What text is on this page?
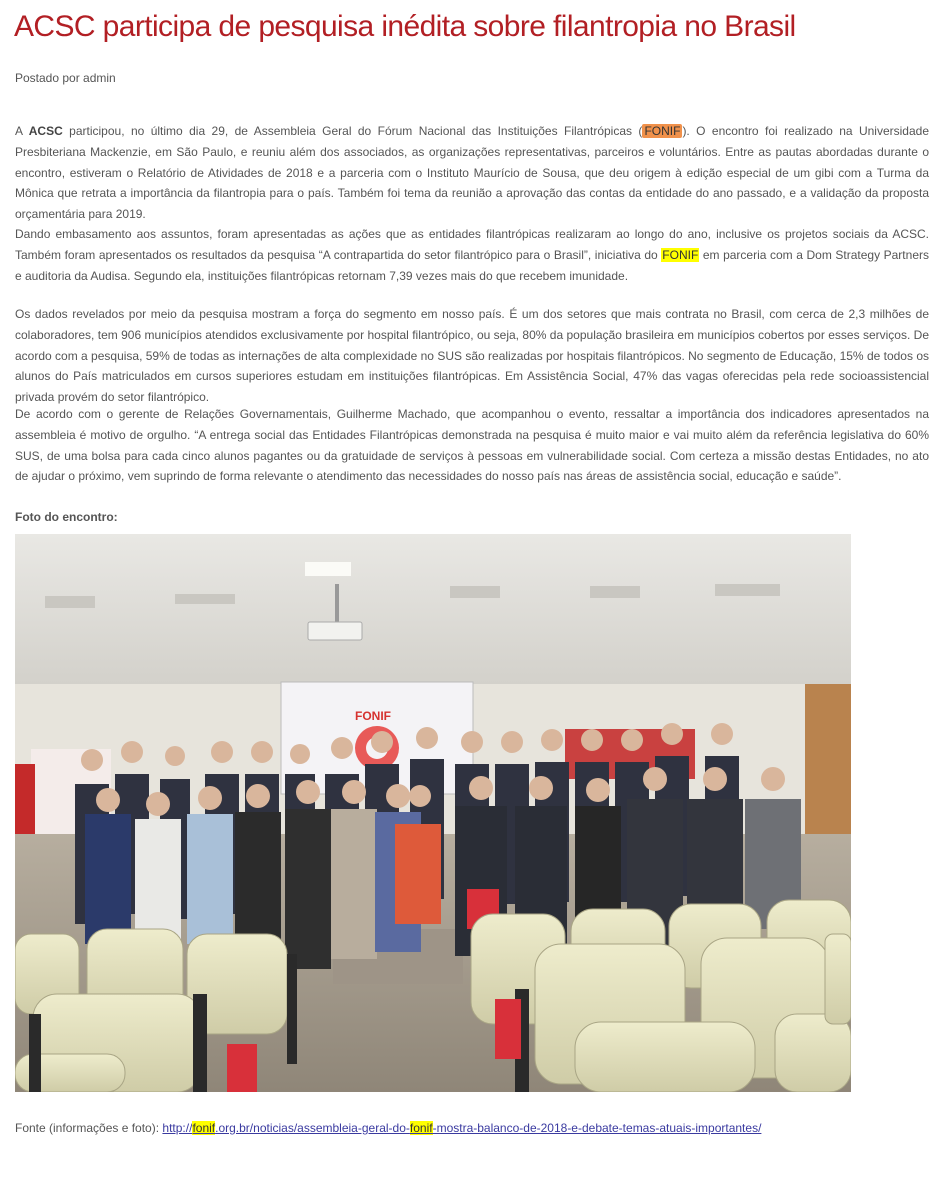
ACSC participa de pesquisa inédita sobre filantropia no Brasil
Postado por admin

A ACSC participou, no último dia 29, de Assembleia Geral do Fórum Nacional das Instituições Filantrópicas ( FONIF ). O encontro foi realizado na Universidade Presbiteriana Mackenzie, em São Paulo, e reuniu além dos associados, as organizações representativas, parceiros e voluntários. Entre as pautas abordadas durante o encontro, estiveram o Relatório de Atividades de 2018 e a parceria com o Instituto Maurício de Sousa, que deu origem à edição especial de um gibi com a Turma da Mônica que retrata a importância da filantropia para o país. Também foi tema da reunião a aprovação das contas da entidade do ano passado, e a validação da proposta orçamentária para 2019.

Dando embasamento aos assuntos, foram apresentadas as ações que as entidades filantrópicas realizaram ao longo do ano, inclusive os projetos sociais da ACSC. Também foram apresentados os resultados da pesquisa “A contrapartida do setor filantrópico para o Brasil”, iniciativa do FONIF em parceria com a Dom Strategy Partners e auditoria da Audisa. Segundo ela, instituições filantrópicas retornam 7,39 vezes mais do que recebem imunidade.

Os dados revelados por meio da pesquisa mostram a força do segmento em nosso país. É um dos setores que mais contrata no Brasil, com cerca de 2,3 milhões de colaboradores, tem 906 municípios atendidos exclusivamente por hospital filantrópico, ou seja, 80% da população brasileira em municípios cobertos por esses serviços. De acordo com a pesquisa, 59% de todas as internações de alta complexidade no SUS são realizadas por hospitais filantrópicos. No segmento de Educação, 15% de todos os alunos do País matriculados em cursos superiores estudam em instituições filantrópicas. Em Assistência Social, 47% das vagas oferecidas pela rede socioassistencial privada provém do setor filantrópico.

De acordo com o gerente de Relações Governamentais, Guilherme Machado, que acompanhou o evento, ressaltar a importância dos indicadores apresentados na assembleia é motivo de orgulho. “A entrega social das Entidades Filantrópicas demonstrada na pesquisa é muito maior e vai muito além da referência legislativa do 60% SUS, de uma bolsa para cada cinco alunos pagantes ou da gratuidade de serviços à pessoas em vulnerabilidade social. Com certeza a missão destas Entidades, no ato de ajudar o próximo, vem suprindo de forma relevante o atendimento das necessidades do nosso país nas áreas de assistência social, educação e saúde”.

Foto do encontro:
FONIF
Fonte (informações e foto): http://fonif.org.br/noticias/assembleia-geral-do-fonif-mostra-balanco-de-2018-e-debate-temas-atuais-importantes/
